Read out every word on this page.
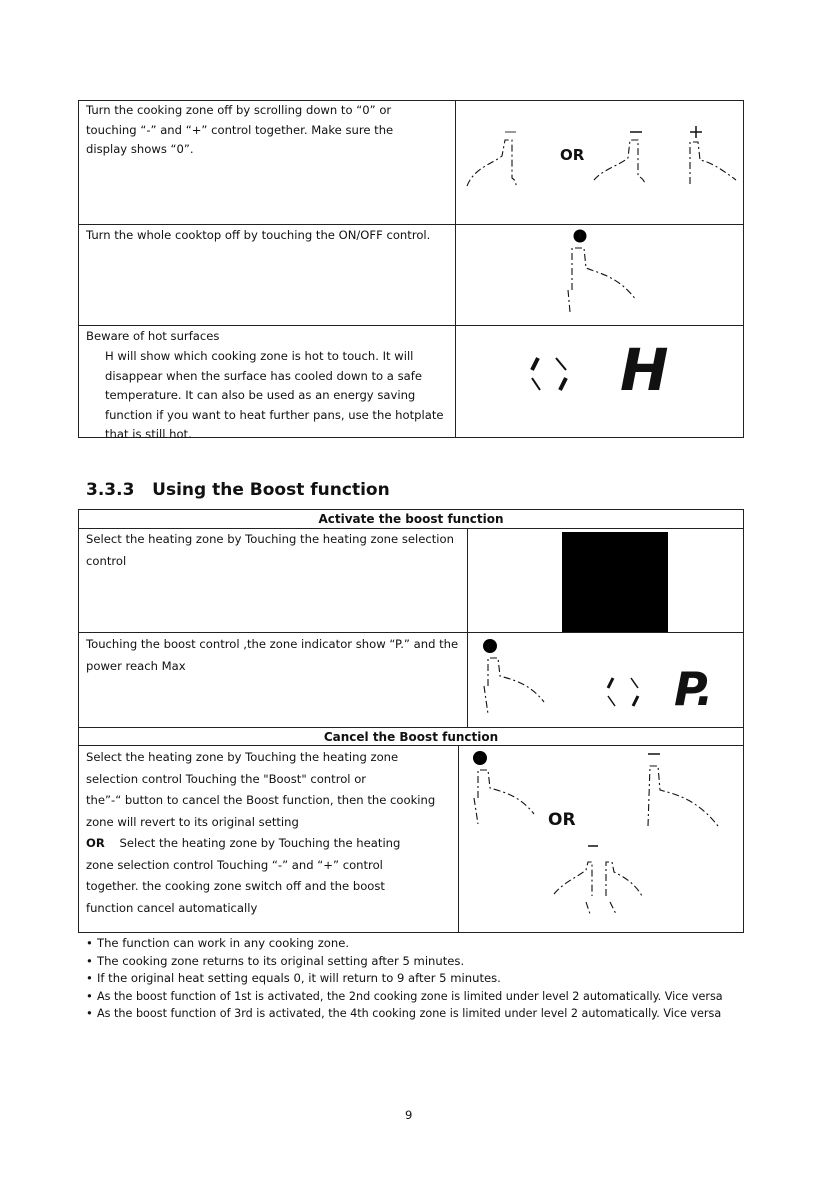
Turn the cooking zone off by scrolling down to “0” or touching “-” and “+” control together. Make sure the display shows “0”.
Turn the whole cooktop off by touching the ON/OFF control.
Beware of hot surfaces
H will show which cooking zone is hot to touch. It will disappear when the surface has cooled down to a safe temperature. It can also be used as an energy saving function if you want to heat further pans, use the hotplate that is still hot.
OR
H
3.3.3 Using the Boost function
Activate the boost function
Select the heating zone by Touching the heating zone selection control
Touching the boost control ,the zone indicator show “P.” and the power reach Max
P
P.
Cancel the Boost function
Select the heating zone by Touching the heating zone
selection control Touching the "Boost" control or
the”-“ button to cancel the Boost function, then the cooking
zone will revert to its original setting
OR Select the heating zone by Touching the heating
zone selection control Touching “-” and “+” control
together. the cooking zone switch off and the boost
function cancel automatically
P
OR
• The function can work in any cooking zone.
• The cooking zone returns to its original setting after 5 minutes.
• If the original heat setting equals 0, it will return to 9 after 5 minutes.
• As the boost function of 1st is activated, the 2nd cooking zone is limited under level 2 automatically. Vice versa
• As the boost function of 3rd is activated, the 4th cooking zone is limited under level 2 automatically. Vice versa
9
